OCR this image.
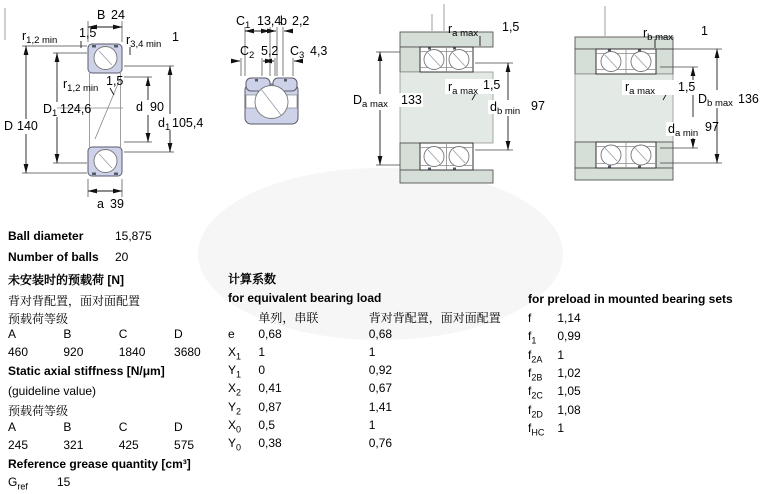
B 24
$r_{1,2 min}$
1,5 $r_{3,4 min}$
1
D 140
$D_1$ 124,6	d 90
$d_1$ 105,4
a 39
$r_{1,2 min}$
1,5
$C_1$ 13,4
b 2,2
$C_2$ 5,2 $C_3$ 4,3
$r_{a max}$ 1,5
$D_{a max}$ 133
$r_{a max}$ 1,5
$d_{b min}$ 97
$r_{b max}$ 1
$r_{a max}$ 1,5
$D_{b max}$ 136
$d_{a min}$ 97
Ball diameter	15,875
Number of balls 20
未安装时的预载荷 [N]
背对背配置，面对面配置
预载荷等级
A	B	C	D
460	920	1840 3680
Static axial stiffness [N/μm]
(guideline value)
预载荷等级
A	B	C	D
245	321	425	575
Reference grease quantity [cm³]
$G_{ref}$ 15
计算系数
for equivalent bearing load
单列，串联	背对背配置，面对面配置
e 0,68	0,68
$X_1$ 1	1
$Y_1$ 0	0,92
$X_2$ 0,41	0,67
$Y_2$ 0,87	1,41
$X_0$ 0,5	1
$Y_0$ 0,38	0,76
for preload in mounted bearing sets
f 1,14
$f_1$ 0,99
$f_{2A}$ 1
$f_{2B}$ 1,02
$f_{2C}$ 1,05
$f_{2D}$ 1,08
$f_{HC}$ 1
